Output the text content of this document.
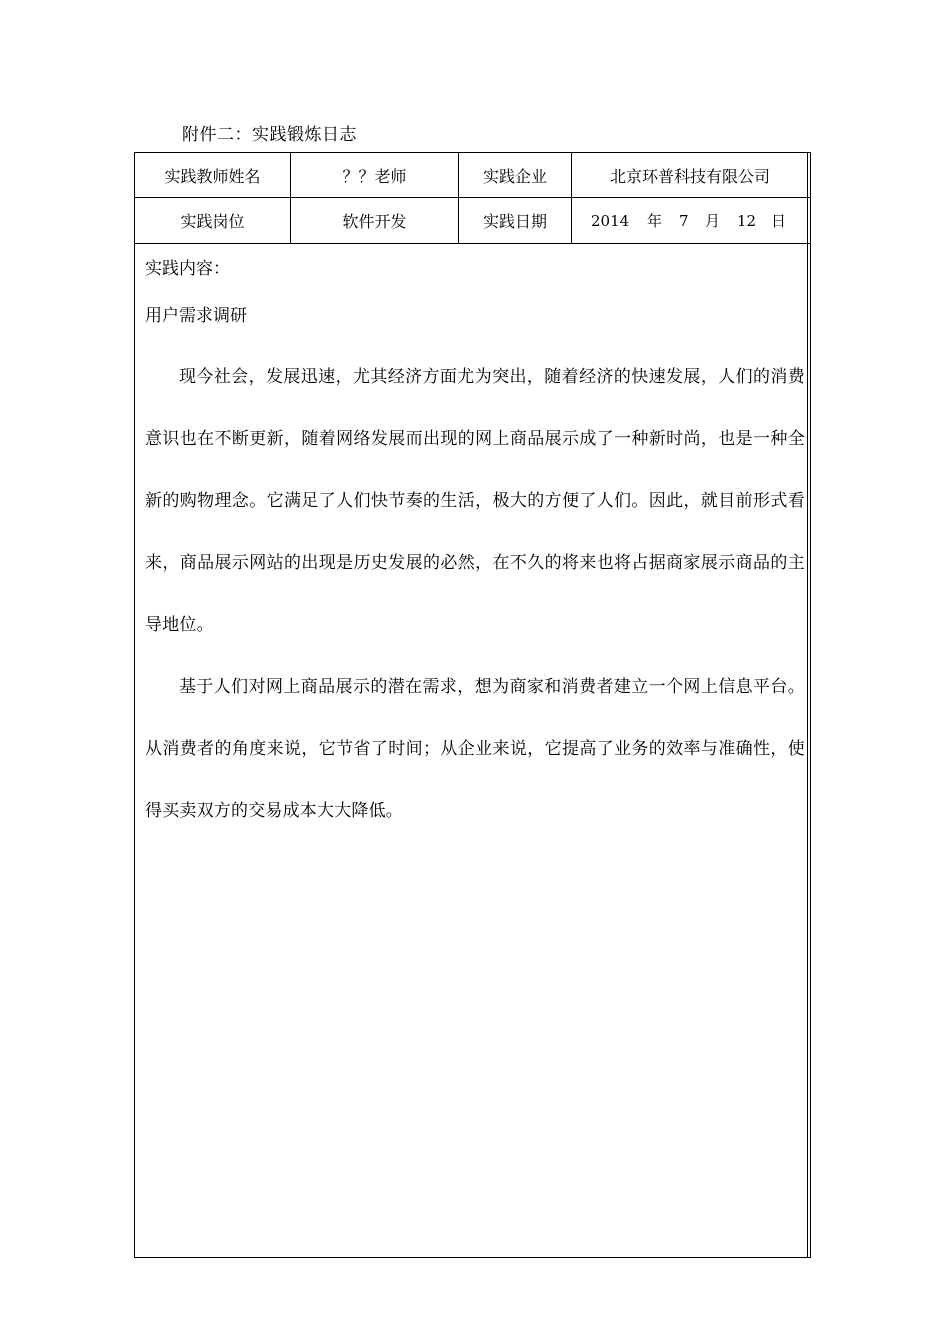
附件二：实践锻炼日志
实践教师姓名	？？老师	实践企业	北京环普科技有限公司
实践岗位	软件开发	实践日期	2014	年	7	月	12 日
实践内容：
用户需求调研
现今社会，发展迅速，尤其经济方面尤为突出，随着经济的快速发展，人们的消费意识也在不断更新，随着网络发展而出现的网上商品展示成了一种新时尚，也是一种全新的购物理念。它满足了人们快节奏的生活，极大的方便了人们。因此，就目前形式看来，商品展示网站的出现是历史发展的必然，在不久的将来也将占据商家展示商品的主导地位。
基于人们对网上商品展示的潜在需求，想为商家和消费者建立一个网上信息平台。从消费者的角度来说，它节省了时间；从企业来说，它提高了业务的效率与准确性，使得买卖双方的交易成本大大降低。
